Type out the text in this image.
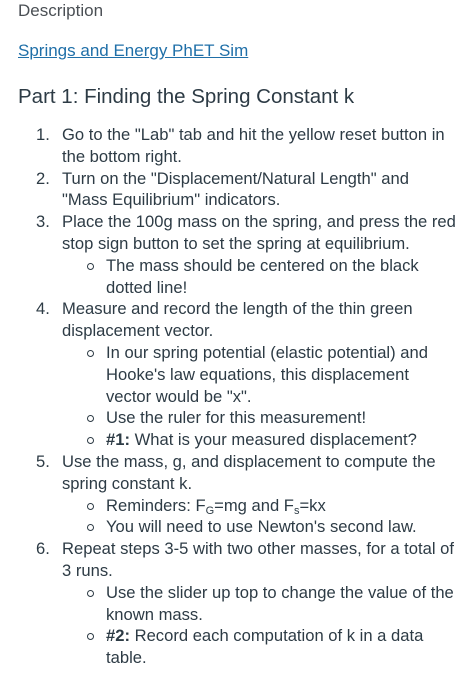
Description
Springs and Energy PhET Sim
Part 1: Finding the Spring Constant k
Go to the "Lab" tab and hit the yellow reset button in the bottom right.
Turn on the "Displacement/Natural Length" and "Mass Equilibrium" indicators.
Place the 100g mass on the spring, and press the red stop sign button to set the spring at equilibrium.
The mass should be centered on the black dotted line!
Measure and record the length of the thin green displacement vector.
In our spring potential (elastic potential) and Hooke's law equations, this displacement vector would be "x".
Use the ruler for this measurement!
#1: What is your measured displacement?
Use the mass, g, and displacement to compute the spring constant k.
Reminders: $F_G=mg$ and $F_s=kx$
You will need to use Newton's second law.
Repeat steps 3-5 with two other masses, for a total of 3 runs.
Use the slider up top to change the value of the known mass.
#2: Record each computation of k in a data table.
